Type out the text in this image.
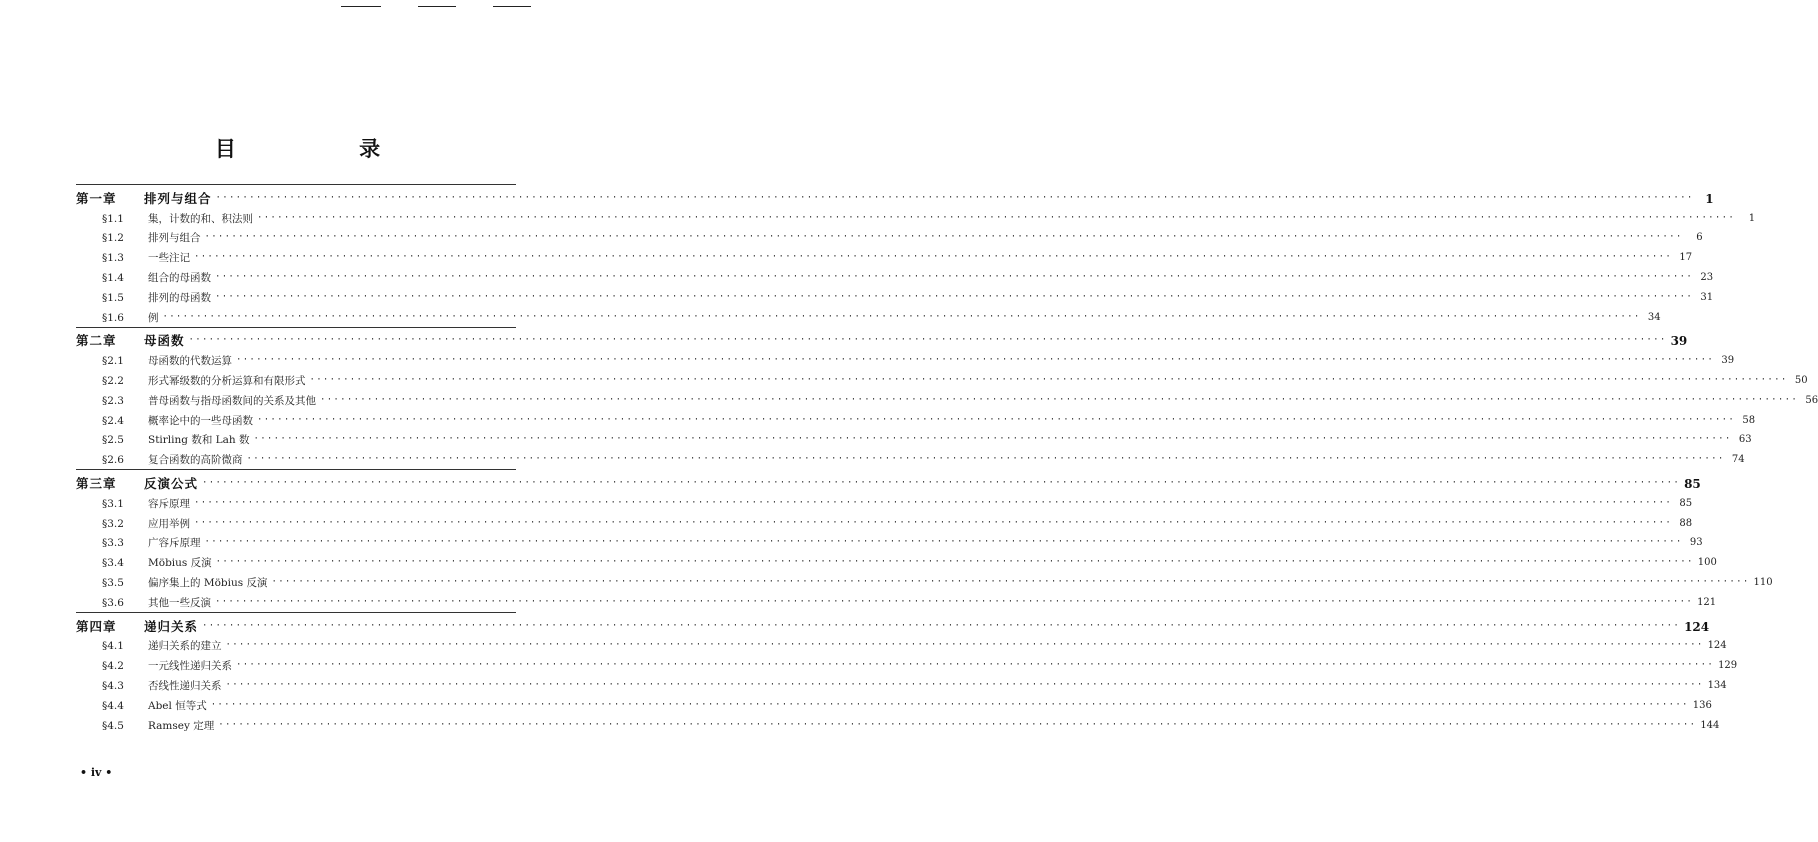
目 录
第一章	排列与组合 ···························································································································································································································· 1
§1.1	集，计数的和、积法则 ····························································································································································································································	1
§1.2	排列与组合 ····························································································································································································································	6
§1.3	一些注记 ···························································································································································································································· 17
§1.4	组合的母函数 ···························································································································································································································· 23
§1.5	排列的母函数 ···························································································································································································································· 31
§1.6	例 ···························································································································································································································· 34
第二章	母函数 ···························································································································································································································· 39
§2.1	母函数的代数运算 ···························································································································································································································· 39
§2.2	形式幂级数的分析运算和有限形式 ···························································································································································································································· 50
§2.3	普母函数与指母函数间的关系及其他 ···························································································································································································································· 56
§2.4	概率论中的一些母函数 ···························································································································································································································· 58
§2.5	Stirling 数和 Lah 数 ···························································································································································································································· 63
§2.6	复合函数的高阶微商 ···························································································································································································································· 74
第三章	反演公式 ···························································································································································································································· 85
§3.1	容斥原理 ···························································································································································································································· 85
§3.2	应用举例 ···························································································································································································································· 88
§3.3	广容斥原理 ···························································································································································································································· 93
§3.4	Möbius 反演 ···························································································································································································································· 100
§3.5	偏序集上的 Möbius 反演 ···························································································································································································································· 110
§3.6	其他一些反演 ···························································································································································································································· 121
第四章	递归关系 ···························································································································································································································· 124
§4.1	递归关系的建立 ···························································································································································································································· 124
§4.2	一元线性递归关系 ···························································································································································································································· 129
§4.3	否线性递归关系 ···························································································································································································································· 134
§4.4	Abel 恒等式 ···························································································································································································································· 136
§4.5	Ramsey 定理 ···························································································································································································································· 144
• iv •
